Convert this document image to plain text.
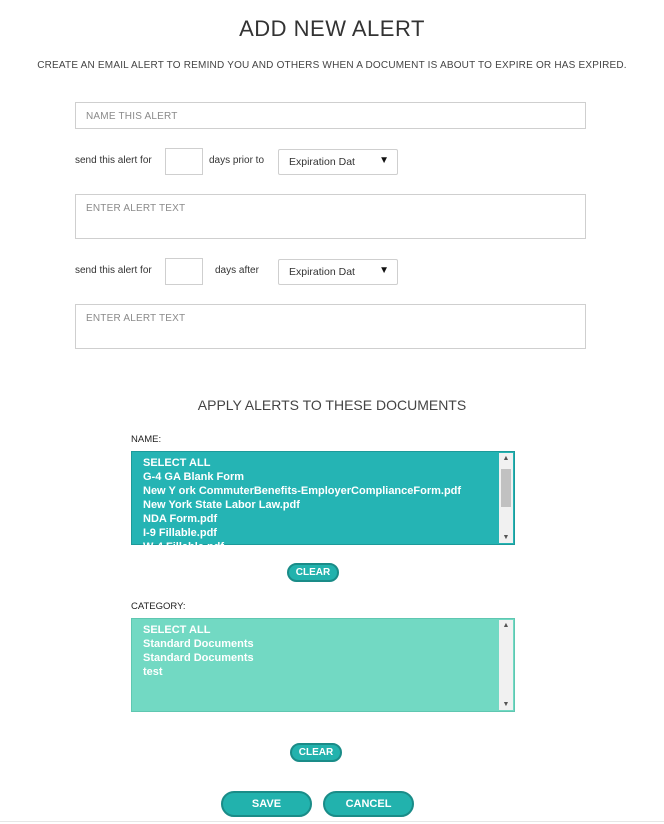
ADD NEW ALERT
CREATE AN EMAIL ALERT TO REMIND YOU AND OTHERS WHEN A DOCUMENT IS ABOUT TO EXPIRE OR HAS EXPIRED.
NAME THIS ALERT
send this alert for	days prior to	Expiration Dat ▼
ENTER ALERT TEXT
send this alert for	days after	Expiration Dat ▼
ENTER ALERT TEXT
APPLY ALERTS TO THESE DOCUMENTS
NAME:
SELECT ALL
G-4 GA Blank Form
New Y ork CommuterBenefits-EmployerComplianceForm.pdf
New York State Labor Law.pdf
NDA Form.pdf
I-9 Fillable.pdf
W-4 Fillable.pdf
▲
▼
CLEAR
CATEGORY:
SELECT ALL
Standard Documents
Standard Documents
test
▲
▼
CLEAR
SAVE	CANCEL
